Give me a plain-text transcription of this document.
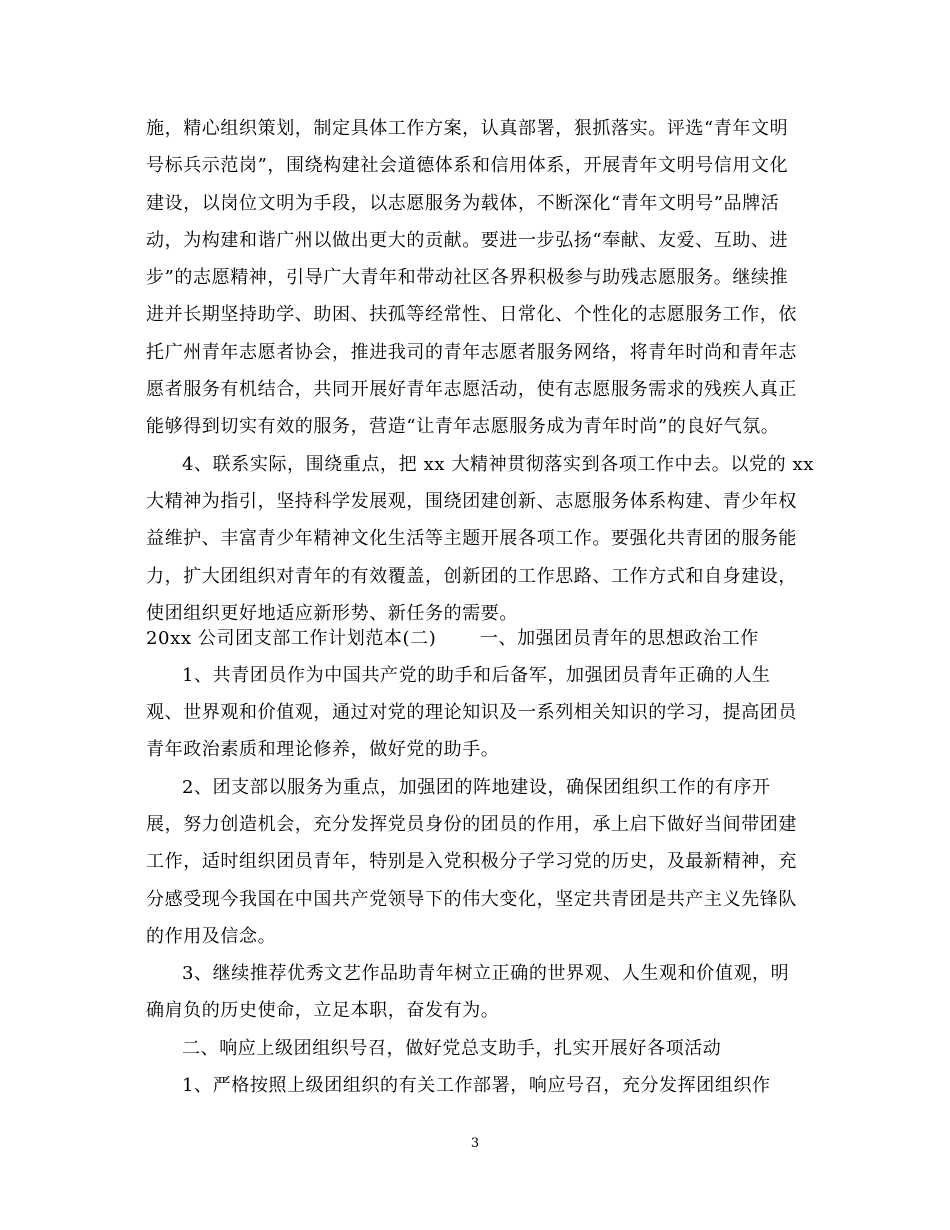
施，精心组织策划，制定具体工作方案，认真部署，狠抓落实。评选“青年文明
号标兵示范岗”，围绕构建社会道德体系和信用体系，开展青年文明号信用文化
建设，以岗位文明为手段，以志愿服务为载体，不断深化“青年文明号”品牌活
动，为构建和谐广州以做出更大的贡献。要进一步弘扬“奉献、友爱、互助、进
步”的志愿精神，引导广大青年和带动社区各界积极参与助残志愿服务。继续推
进并长期坚持助学、助困、扶孤等经常性、日常化、个性化的志愿服务工作，依
托广州青年志愿者协会，推进我司的青年志愿者服务网络，将青年时尚和青年志
愿者服务有机结合，共同开展好青年志愿活动，使有志愿服务需求的残疾人真正
能够得到切实有效的服务，营造“让青年志愿服务成为青年时尚”的良好气氛。
4、联系实际，围绕重点，把 xx 大精神贯彻落实到各项工作中去。以党的 xx
大精神为指引，坚持科学发展观，围绕团建创新、志愿服务体系构建、青少年权
益维护、丰富青少年精神文化生活等主题开展各项工作。要强化共青团的服务能
力，扩大团组织对青年的有效覆盖，创新团的工作思路、工作方式和自身建设，
使团组织更好地适应新形势、新任务的需要。
20xx 公司团支部工作计划范本(二)　　 一、加强团员青年的思想政治工作
1、共青团员作为中国共产党的助手和后备军，加强团员青年正确的人生
观、世界观和价值观，通过对党的理论知识及一系列相关知识的学习，提高团员
青年政治素质和理论修养，做好党的助手。
2、团支部以服务为重点，加强团的阵地建设，确保团组织工作的有序开
展，努力创造机会，充分发挥党员身份的团员的作用，承上启下做好当间带团建
工作，适时组织团员青年，特别是入党积极分子学习党的历史，及最新精神，充
分感受现今我国在中国共产党领导下的伟大变化，坚定共青团是共产主义先锋队
的作用及信念。
3、继续推荐优秀文艺作品助青年树立正确的世界观、人生观和价值观，明
确肩负的历史使命，立足本职，奋发有为。
二、响应上级团组织号召，做好党总支助手，扎实开展好各项活动
1、严格按照上级团组织的有关工作部署，响应号召，充分发挥团组织作
3
